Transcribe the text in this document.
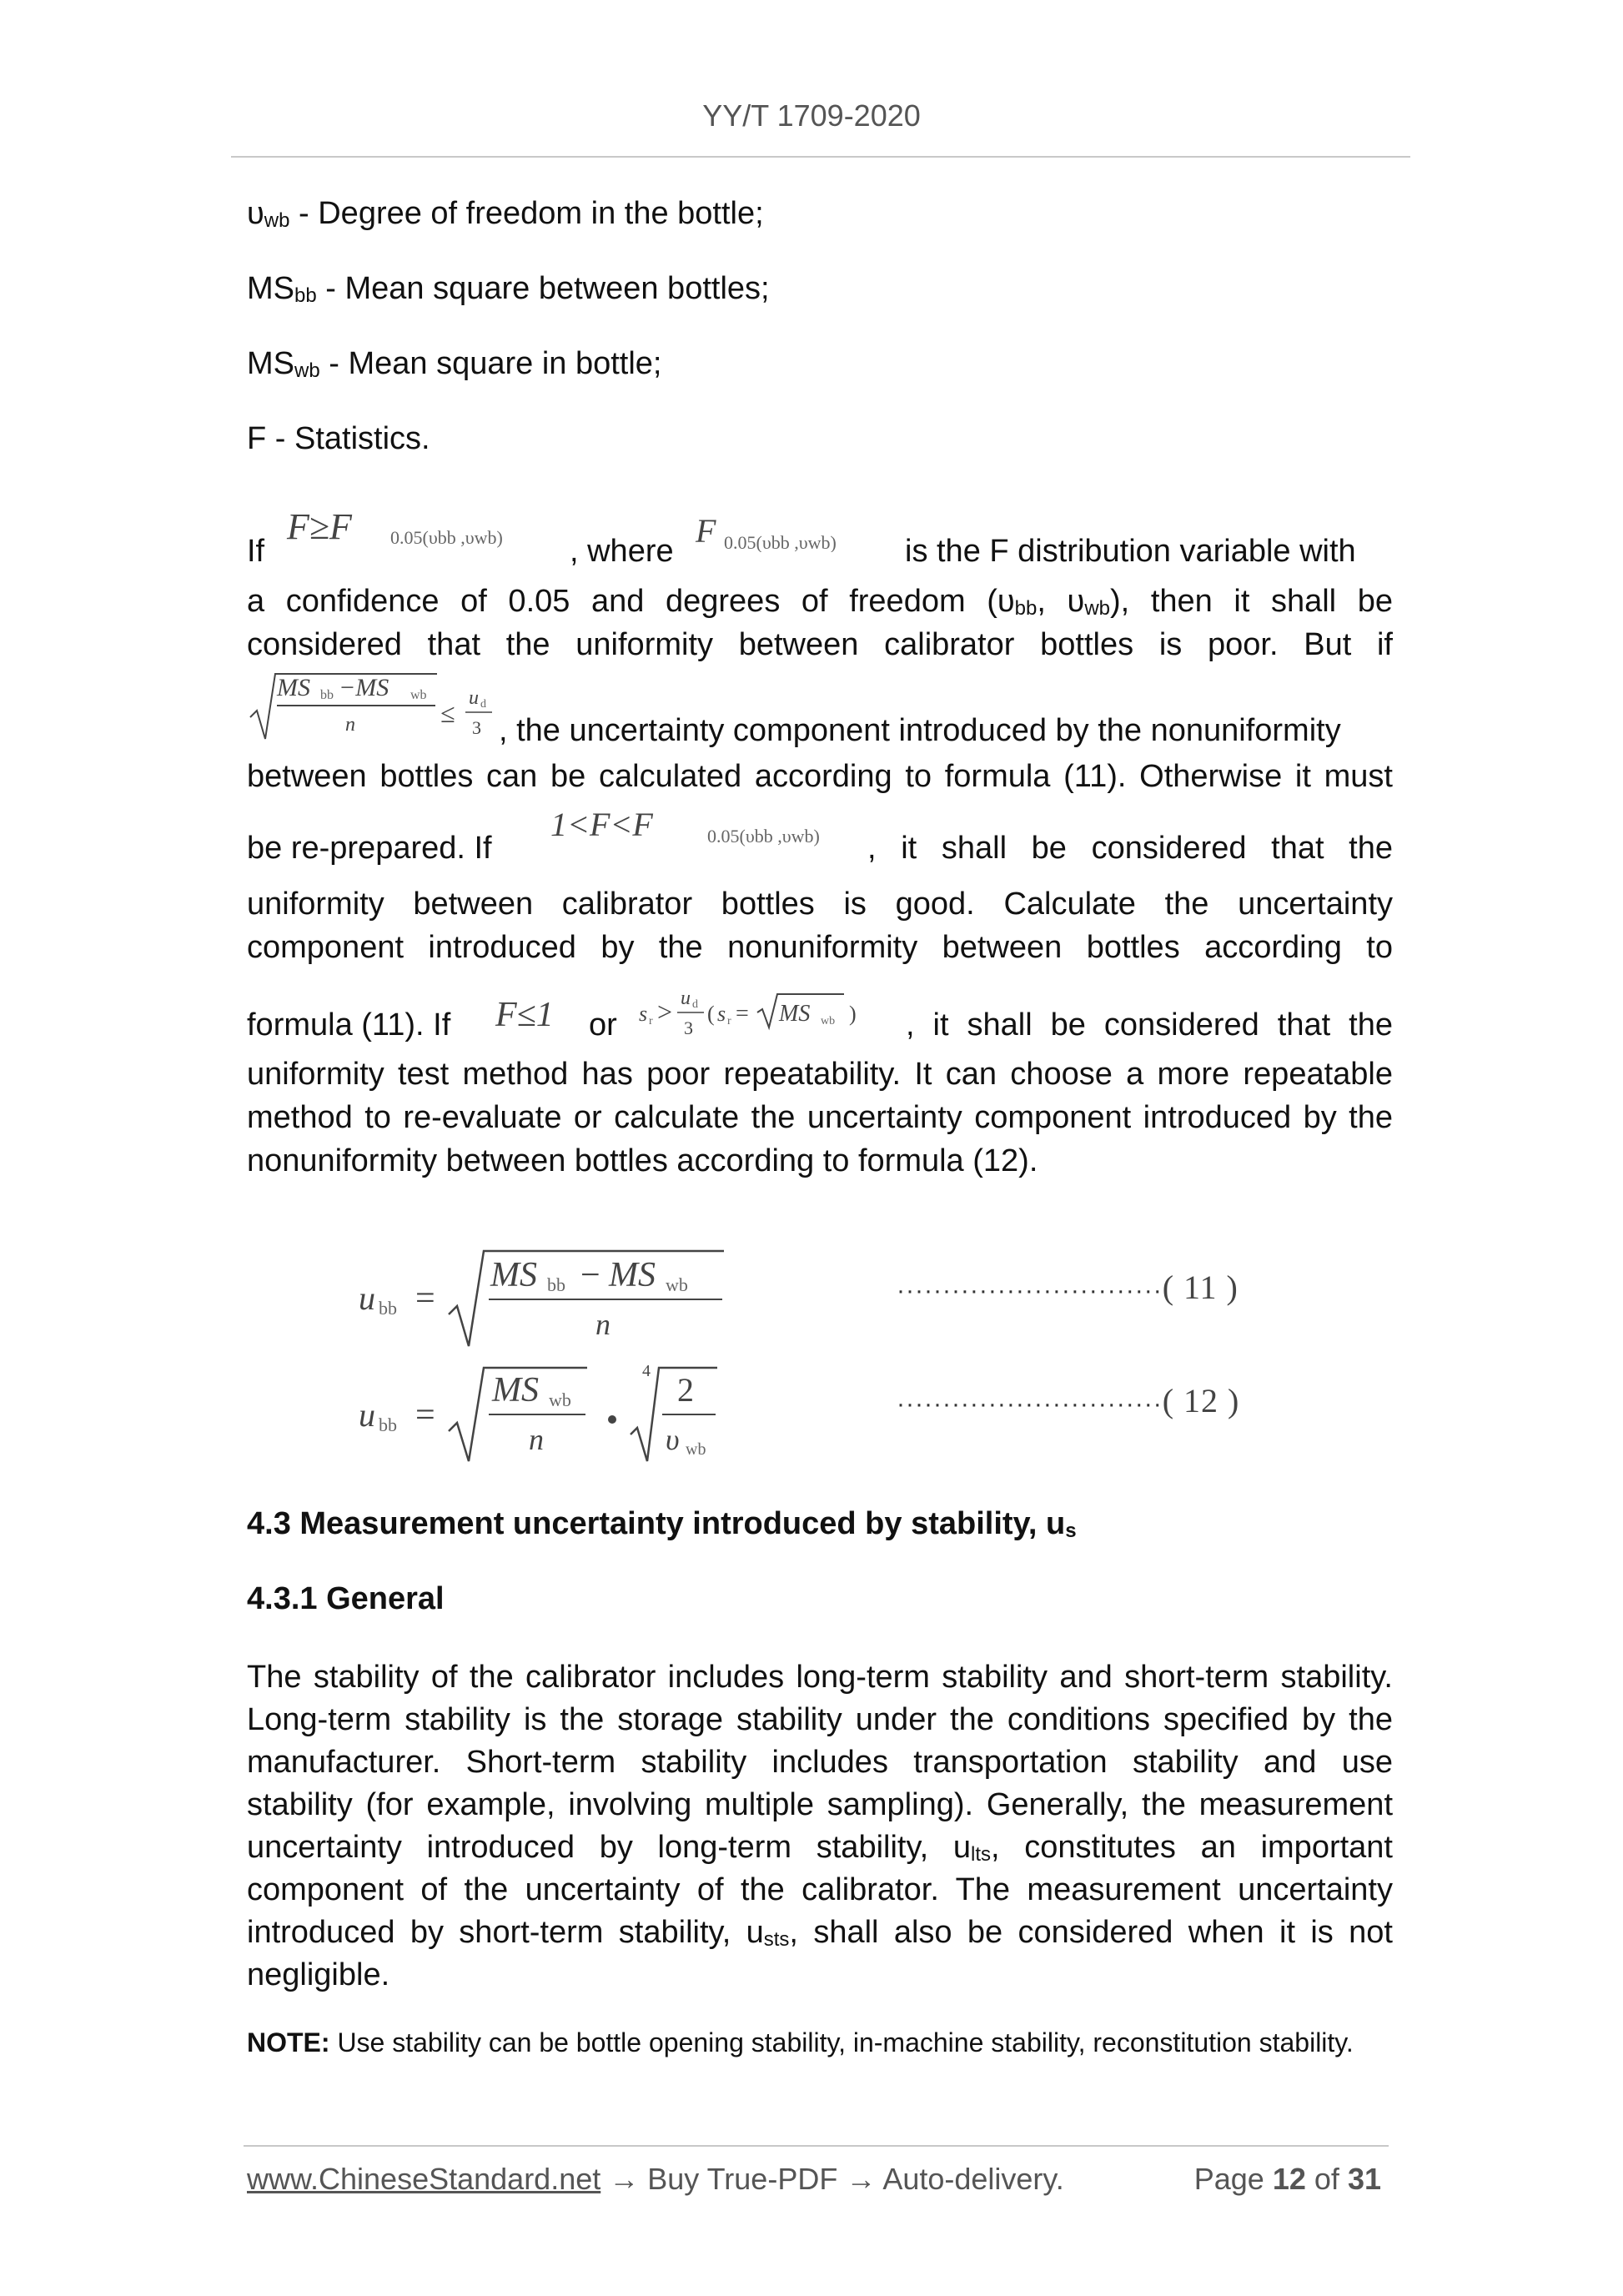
YY/T 1709-2020
$\upsilon_{wb}$ - Degree of freedom in the bottle;
$MS_{bb}$ - Mean square between bottles;
$MS_{wb}$ - Mean square in bottle;
F - Statistics.
If
F≥F 0.05(υbb ,υwb) , where
F 0.05(υbb ,υwb) is the F distribution variable with
a confidence of 0.05 and degrees of freedom ($\upsilon_{bb}$, $\upsilon_{wb}$), then it shall be
considered that the uniformity between calibrator bottles is poor. But if
MS bb −MS wb
n	≤ u d
3 , the uncertainty component introduced by the nonuniformity
between bottles can be calculated according to formula (11). Otherwise it must
be re-prepared. If
1<F<F	0.05(υbb ,υwb) , it shall be considered that the
uniformity between calibrator bottles is good. Calculate the uncertainty
component introduced by the nonuniformity between bottles according to
formula (11). If F≤1 or s r > u d
3
( s r = MS wb ) , it shall be considered that the
uniformity test method has poor repeatability. It can choose a more repeatable
method to re-evaluate or calculate the uncertainty component introduced by the
nonuniformity between bottles according to formula (12).
u bb =
MS bb − MS wb
n
·····························( 11 )
u bb =
MS wb
n
4 2
υ wb
·····························( 12 )
4.3 Measurement uncertainty introduced by stability, $u_s$
4.3.1 General
The stability of the calibrator includes long-term stability and short-term stability.
Long-term stability is the storage stability under the conditions specified by the
manufacturer. Short-term stability includes transportation stability and use
stability (for example, involving multiple sampling). Generally, the measurement
uncertainty introduced by long-term stability, $u_{lts}$, constitutes an important
component of the uncertainty of the calibrator. The measurement uncertainty
introduced by short-term stability, $u_{sts}$, shall also be considered when it is not
negligible.
NOTE: Use stability can be bottle opening stability, in-machine stability, reconstitution stability.
www.ChineseStandard.net → Buy True-PDF → Auto-delivery.	Page 12 of 31
